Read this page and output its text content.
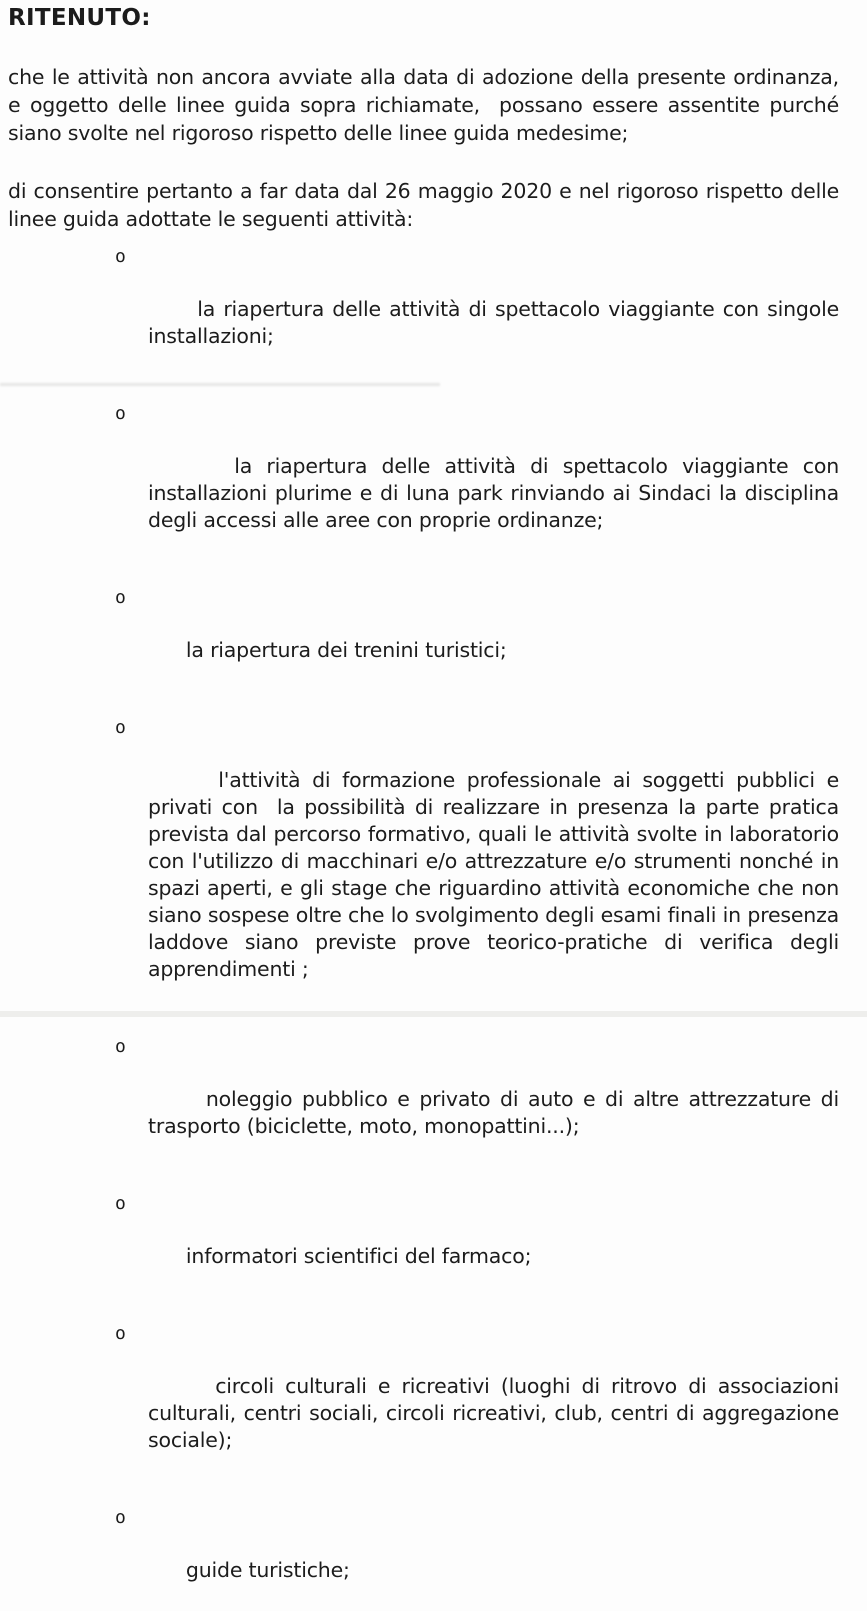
RITENUTO:

che le attività non ancora avviate alla data di adozione della presente ordinanza, e oggetto delle linee guida sopra richiamate,  possano essere assentite purché siano svolte nel rigoroso rispetto delle linee guida medesime;

di consentire pertanto a far data dal 26 maggio 2020 e nel rigoroso rispetto delle linee guida adottate le seguenti attività:

o

la riapertura delle attività di spettacolo viaggiante con singole installazioni;

o

la riapertura delle attività di spettacolo viaggiante con installazioni plurime e di luna park rinviando ai Sindaci la disciplina degli accessi alle aree con proprie ordinanze;

o

la riapertura dei trenini turistici;

o

l'attività di formazione professionale ai soggetti pubblici e privati con  la possibilità di realizzare in presenza la parte pratica prevista dal percorso formativo, quali le attività svolte in laboratorio con l'utilizzo di macchinari e/o attrezzature e/o strumenti nonché in spazi aperti, e gli stage che riguardino attività economiche che non siano sospese oltre che lo svolgimento degli esami finali in presenza laddove siano previste prove teorico-pratiche di verifica degli apprendimenti ;

o

noleggio pubblico e privato di auto e di altre attrezzature di trasporto (biciclette, moto, monopattini...);

o

informatori scientifici del farmaco;

o

circoli culturali e ricreativi (luoghi di ritrovo di associazioni culturali, centri sociali, circoli ricreativi, club, centri di aggregazione sociale);

o

guide turistiche;
